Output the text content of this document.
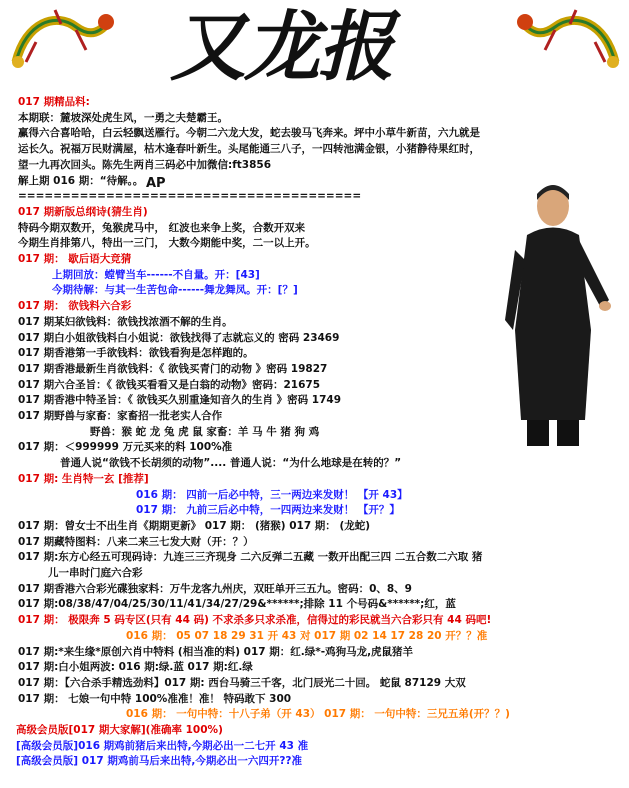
又龙报
AP
017 期精品料:
本期联：麓坡深处虎生风，一勇之夫楚霸王。
赢得六合喜哈哈，白云轻飘送雁行。今朝二六龙大发，蛇去骏马飞奔来。坪中小草牛新苗，六九就是
运长久。祝福万民财满屋，枯木逢春叶新生。头尾能通三八子，一四转池满金银，小猪静待果红时，
望一九再次回头。陈先生两肖三码必中加微信:ft3856
解上期 016 期：“待解。。
=======================================
017 期新版总纲诗(猜生肖)
特码今期双数开，兔猴虎马中， 红波也来争上奖，合数开双来
今期生肖排第八，特出一三门， 大数今期能中奖，二一以上开。
017 期： 歇后语大竞猜
上期回放：螳臂当车------不自量。开：[43]
今期待解：与其一生苦包命------舞龙舞凤。开：[？]
017 期： 欲钱料六合彩
017 期某妇欲钱料：欲钱找浓酒不解的生肖。
017 期白小姐欲钱料白小姐说：欲钱找得了志就忘义的 密码 23469
017 期香港第一手欲钱料：欲钱看狗是怎样跑的。
017 期香港最新生肖欲钱料：《 欲钱买青门的动物 》密码 19827
017 期六合圣旨：《 欲钱买看看又是白翁的动物》密码：21675
017 期香港中特圣旨：《 欲钱买久别重逢知音久的生肖 》密码 1749
017 期野兽与家畜：家畜招一批老实人合作
野兽：猴 蛇 龙 兔 虎 鼠 家畜：羊 马 牛 猪 狗 鸡
017 期：＜999999 万元买来的料 100%准
普通人说“欲钱不长胡须的动物”.... 普通人说：“为什么地球是在转的？”
017 期: 生肖特一玄 [推荐]
016 期： 四前一后必中特，三一两边来发财！ 【开 43】
017 期： 九前三后必中特，一四两边来发财！ 【开？】
017 期：曾女士不出生肖《期期更新》 017 期： (猪猴) 017 期： (龙蛇)
017 期藏特图料：八来二来三七发大财（开：？）
017 期:东方心经五可现码诗：九连三三齐现身 二六反弹二五藏 一数开出配三四 二五合数二六取 猪
儿一串时门庭六合彩
017 期香港六合彩光碟独家料：万牛龙客九州庆，双旺单开三五九。密码：0、8、9
017 期:08/38/47/04/25/30/11/41/34/27/29&******;排除 11 个号码&******;红，蓝
017 期： 极限奔 5 码专区(只有 44 码) 不求杀多只求杀准，信得过的彩民就当六合彩只有 44 码吧!
016 期： 05 07 18 29 31 开 43 对 017 期 02 14 17 28 20 开？？准
017 期:*来生缘*原创六肖中特料 (相当准的料) 017 期：红.绿*-鸡狗马龙,虎鼠猪羊
017 期:白小姐两波: 016 期:绿.蓝 017 期:红.绿
017 期：【六合杀手精选劲料】017 期: 西台马骑三千客，北门辰光二十回。 蛇鼠 87129 大双
017 期： 七娘一句中特 100%准准！准！ 特码敢下 300
016 期： 一句中特：十八子弟（开 43） 017 期： 一句中特：三兄五弟(开？？)
高级会员版[017 期大家解](准确率 100%)
[高级会员版]016 期鸡前猪后来出特,今期必出一二七开 43 准
[高级会员版] 017 期鸡前马后来出特,今期必出一六四开??准
